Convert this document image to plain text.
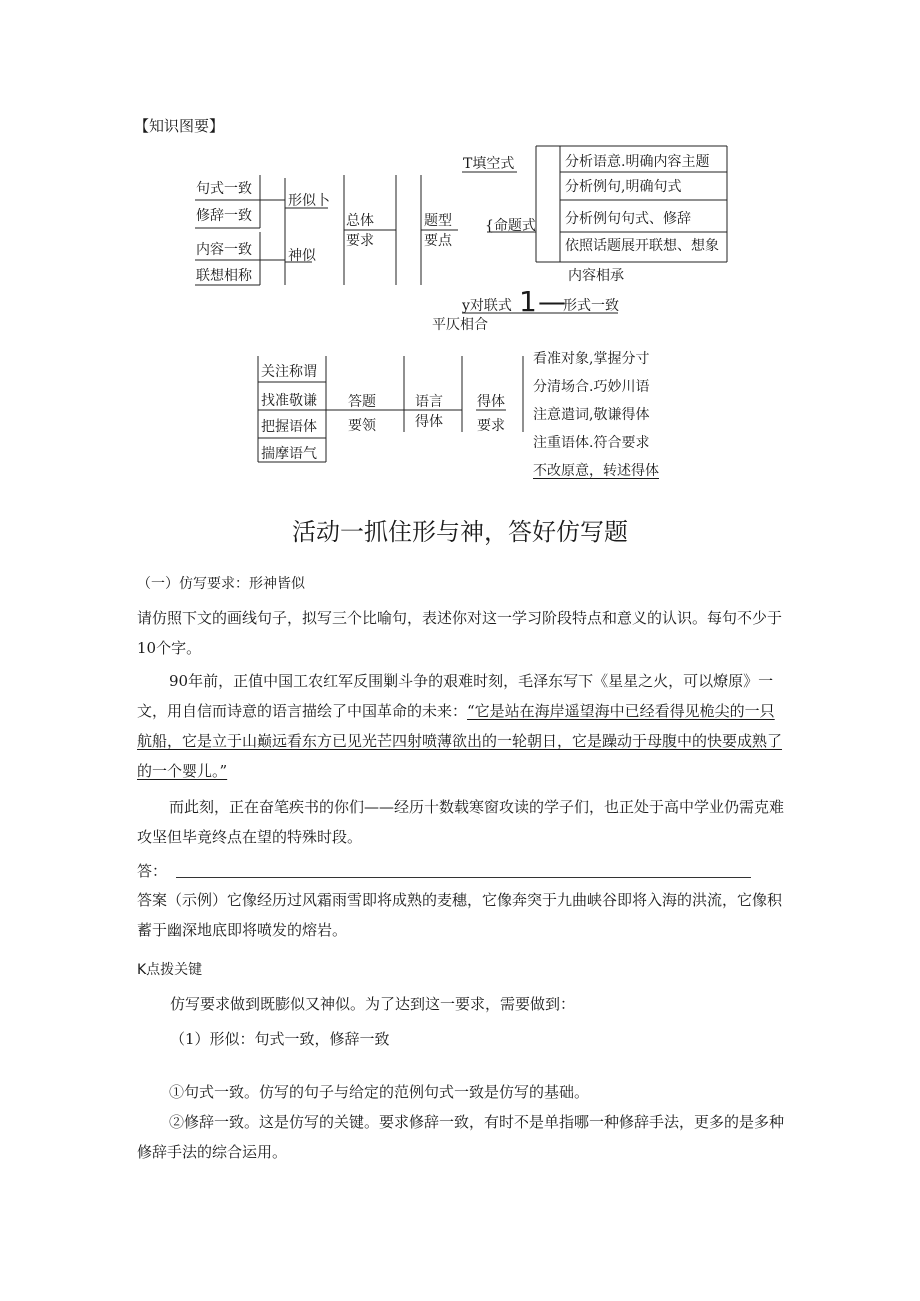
【知识图要】
句式一致
修辞一致
内容一致
联想相称
形似卜
神似
总体
要求
题型
要点
T填空式
{命题式
分析语意.明确内容主题
分析例句,明确句式
分析例句句式、修辞
依照话题展开联想、想象
内容相承
y对联式 1 —
形式一致
平仄相合
关注称谓
找准敬谦
把握语体
揣摩语气
答题
要领
语言
得体
得体
要求
看准对象,掌握分寸
分清场合.巧妙川语
注意遣词,敬谦得体
注重语体.符合要求
不改原意，转述得体
活动一抓住形与神，答好仿写题
（一）仿写要求：形神皆似
请仿照下文的画线句子，拟写三个比喻句，表述你对这一学习阶段特点和意义的认识。每句不少于10个字。
90年前，正值中国工农红军反围剿斗争的艰难时刻，毛泽东写下《星星之火，可以燎原》一文，用自信而诗意的语言描绘了中国革命的未来：“它是站在海岸遥望海中已经看得见桅尖的一只航船，它是立于山巅远看东方已见光芒四射喷薄欲出的一轮朝日，它是躁动于母腹中的快要成熟了的一个婴儿。”
而此刻，正在奋笔疾书的你们——经历十数载寒窗攻读的学子们，也正处于高中学业仍需克难攻坚但毕竟终点在望的特殊时段。
答：
答案（示例）它像经历过风霜雨雪即将成熟的麦穗，它像奔突于九曲峡谷即将入海的洪流，它像积蓄于幽深地底即将喷发的熔岩。
K点拨关键
仿写要求做到既膨似又神似。为了达到这一要求，需要做到：
（1）形似：句式一致，修辞一致
①句式一致。仿写的句子与给定的范例句式一致是仿写的基础。
②修辞一致。这是仿写的关键。要求修辞一致，有时不是单指哪一种修辞手法，更多的是多种修辞手法的综合运用。
